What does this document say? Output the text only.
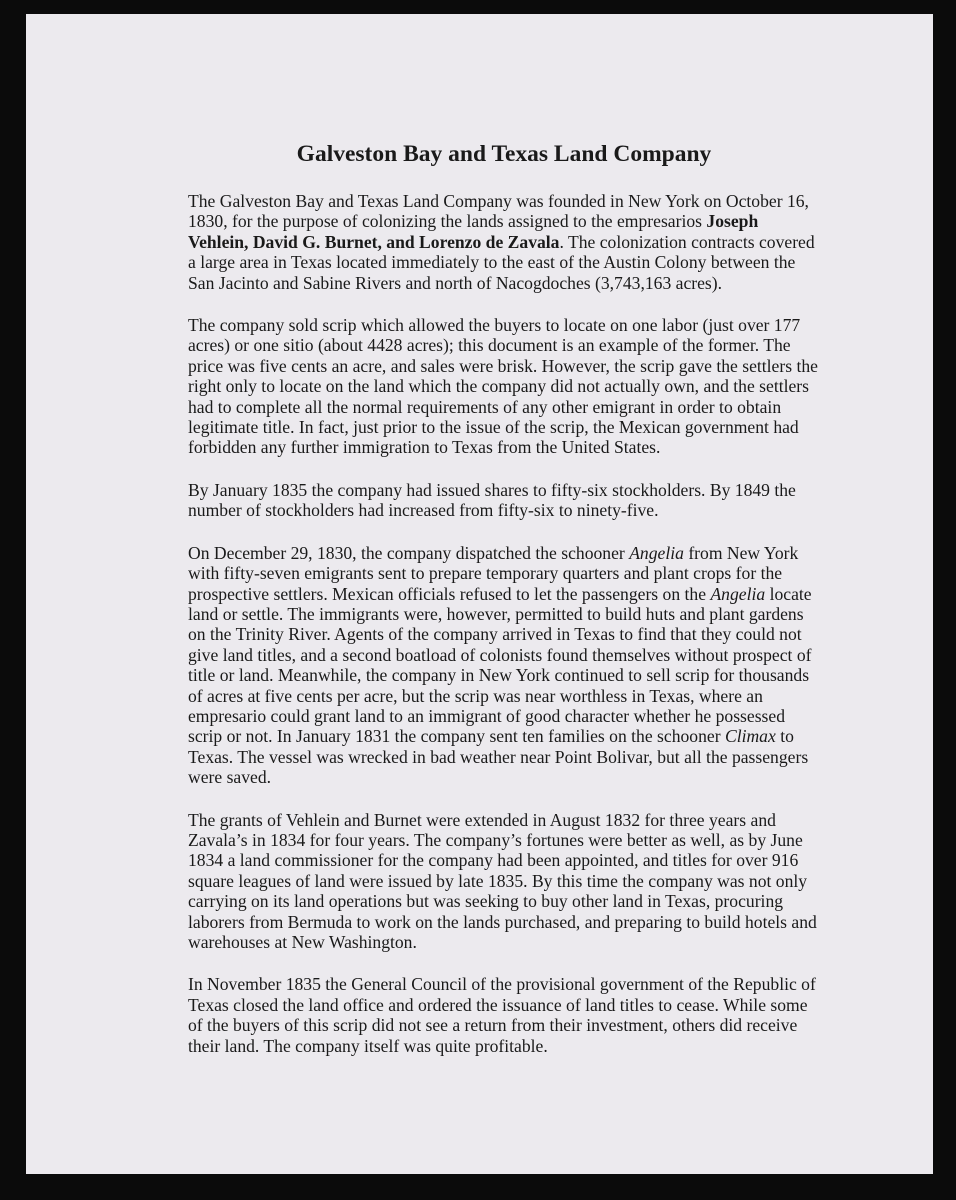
Galveston Bay and Texas Land Company
The Galveston Bay and Texas Land Company was founded in New York on October 16,
1830, for the purpose of colonizing the lands assigned to the empresarios Joseph
Vehlein, David G. Burnet, and Lorenzo de Zavala. The colonization contracts covered
a large area in Texas located immediately to the east of the Austin Colony between the
San Jacinto and Sabine Rivers and north of Nacogdoches (3,743,163 acres).
The company sold scrip which allowed the buyers to locate on one labor (just over 177
acres) or one sitio (about 4428 acres); this document is an example of the former. The
price was five cents an acre, and sales were brisk. However, the scrip gave the settlers the
right only to locate on the land which the company did not actually own, and the settlers
had to complete all the normal requirements of any other emigrant in order to obtain
legitimate title. In fact, just prior to the issue of the scrip, the Mexican government had
forbidden any further immigration to Texas from the United States.
By January 1835 the company had issued shares to fifty-six stockholders. By 1849 the
number of stockholders had increased from fifty-six to ninety-five.
On December 29, 1830, the company dispatched the schooner Angelia from New York
with fifty-seven emigrants sent to prepare temporary quarters and plant crops for the
prospective settlers. Mexican officials refused to let the passengers on the Angelia locate
land or settle. The immigrants were, however, permitted to build huts and plant gardens
on the Trinity River. Agents of the company arrived in Texas to find that they could not
give land titles, and a second boatload of colonists found themselves without prospect of
title or land. Meanwhile, the company in New York continued to sell scrip for thousands
of acres at five cents per acre, but the scrip was near worthless in Texas, where an
empresario could grant land to an immigrant of good character whether he possessed
scrip or not. In January 1831 the company sent ten families on the schooner Climax to
Texas. The vessel was wrecked in bad weather near Point Bolivar, but all the passengers
were saved.
The grants of Vehlein and Burnet were extended in August 1832 for three years and
Zavala’s in 1834 for four years. The company’s fortunes were better as well, as by June
1834 a land commissioner for the company had been appointed, and titles for over 916
square leagues of land were issued by late 1835. By this time the company was not only
carrying on its land operations but was seeking to buy other land in Texas, procuring
laborers from Bermuda to work on the lands purchased, and preparing to build hotels and
warehouses at New Washington.
In November 1835 the General Council of the provisional government of the Republic of
Texas closed the land office and ordered the issuance of land titles to cease. While some
of the buyers of this scrip did not see a return from their investment, others did receive
their land. The company itself was quite profitable.
